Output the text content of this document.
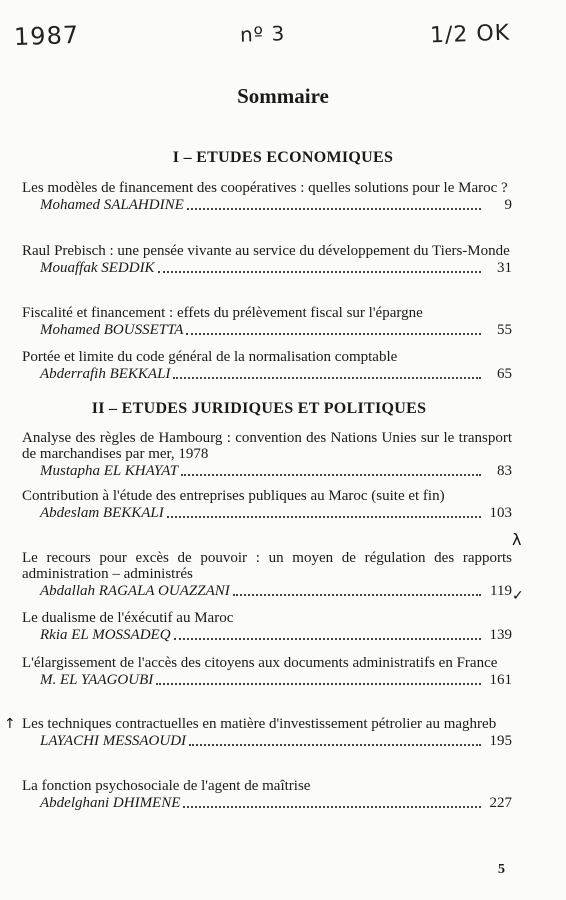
1987	nº 3	1/2 OK
Sommaire
I – ETUDES ECONOMIQUES
Les modèles de financement des coopératives : quelles solutions pour le Maroc ?
Mohamed SALAHDINE	9
Raul Prebisch : une pensée vivante au service du développement du Tiers-Monde
Mouaffak SEDDIK	31
Fiscalité et financement : effets du prélèvement fiscal sur l'épargne
Mohamed BOUSSETTA	55
Portée et limite du code général de la normalisation comptable
Abderrafih BEKKALI	65
II – ETUDES JURIDIQUES ET POLITIQUES
Analyse des règles de Hambourg : convention des Nations Unies sur le transport de marchandises par mer, 1978
Mustapha EL KHAYAT	83
Contribution à l'étude des entreprises publiques au Maroc (suite et fin)
Abdeslam BEKKALI	103
Le recours pour excès de pouvoir : un moyen de régulation des rapports administration – administrés
Abdallah RAGALA OUAZZANI	119
Le dualisme de l'éxécutif au Maroc
Rkia EL MOSSADEQ	139
L'élargissement de l'accès des citoyens aux documents administratifs en France
M. EL YAAGOUBI	161
Les techniques contractuelles en matière d'investissement pétrolier au maghreb
LAYACHI MESSAOUDI	195
La fonction psychosociale de l'agent de maîtrise
Abdelghani DHIMENE	227
↑
λ
✓
5
